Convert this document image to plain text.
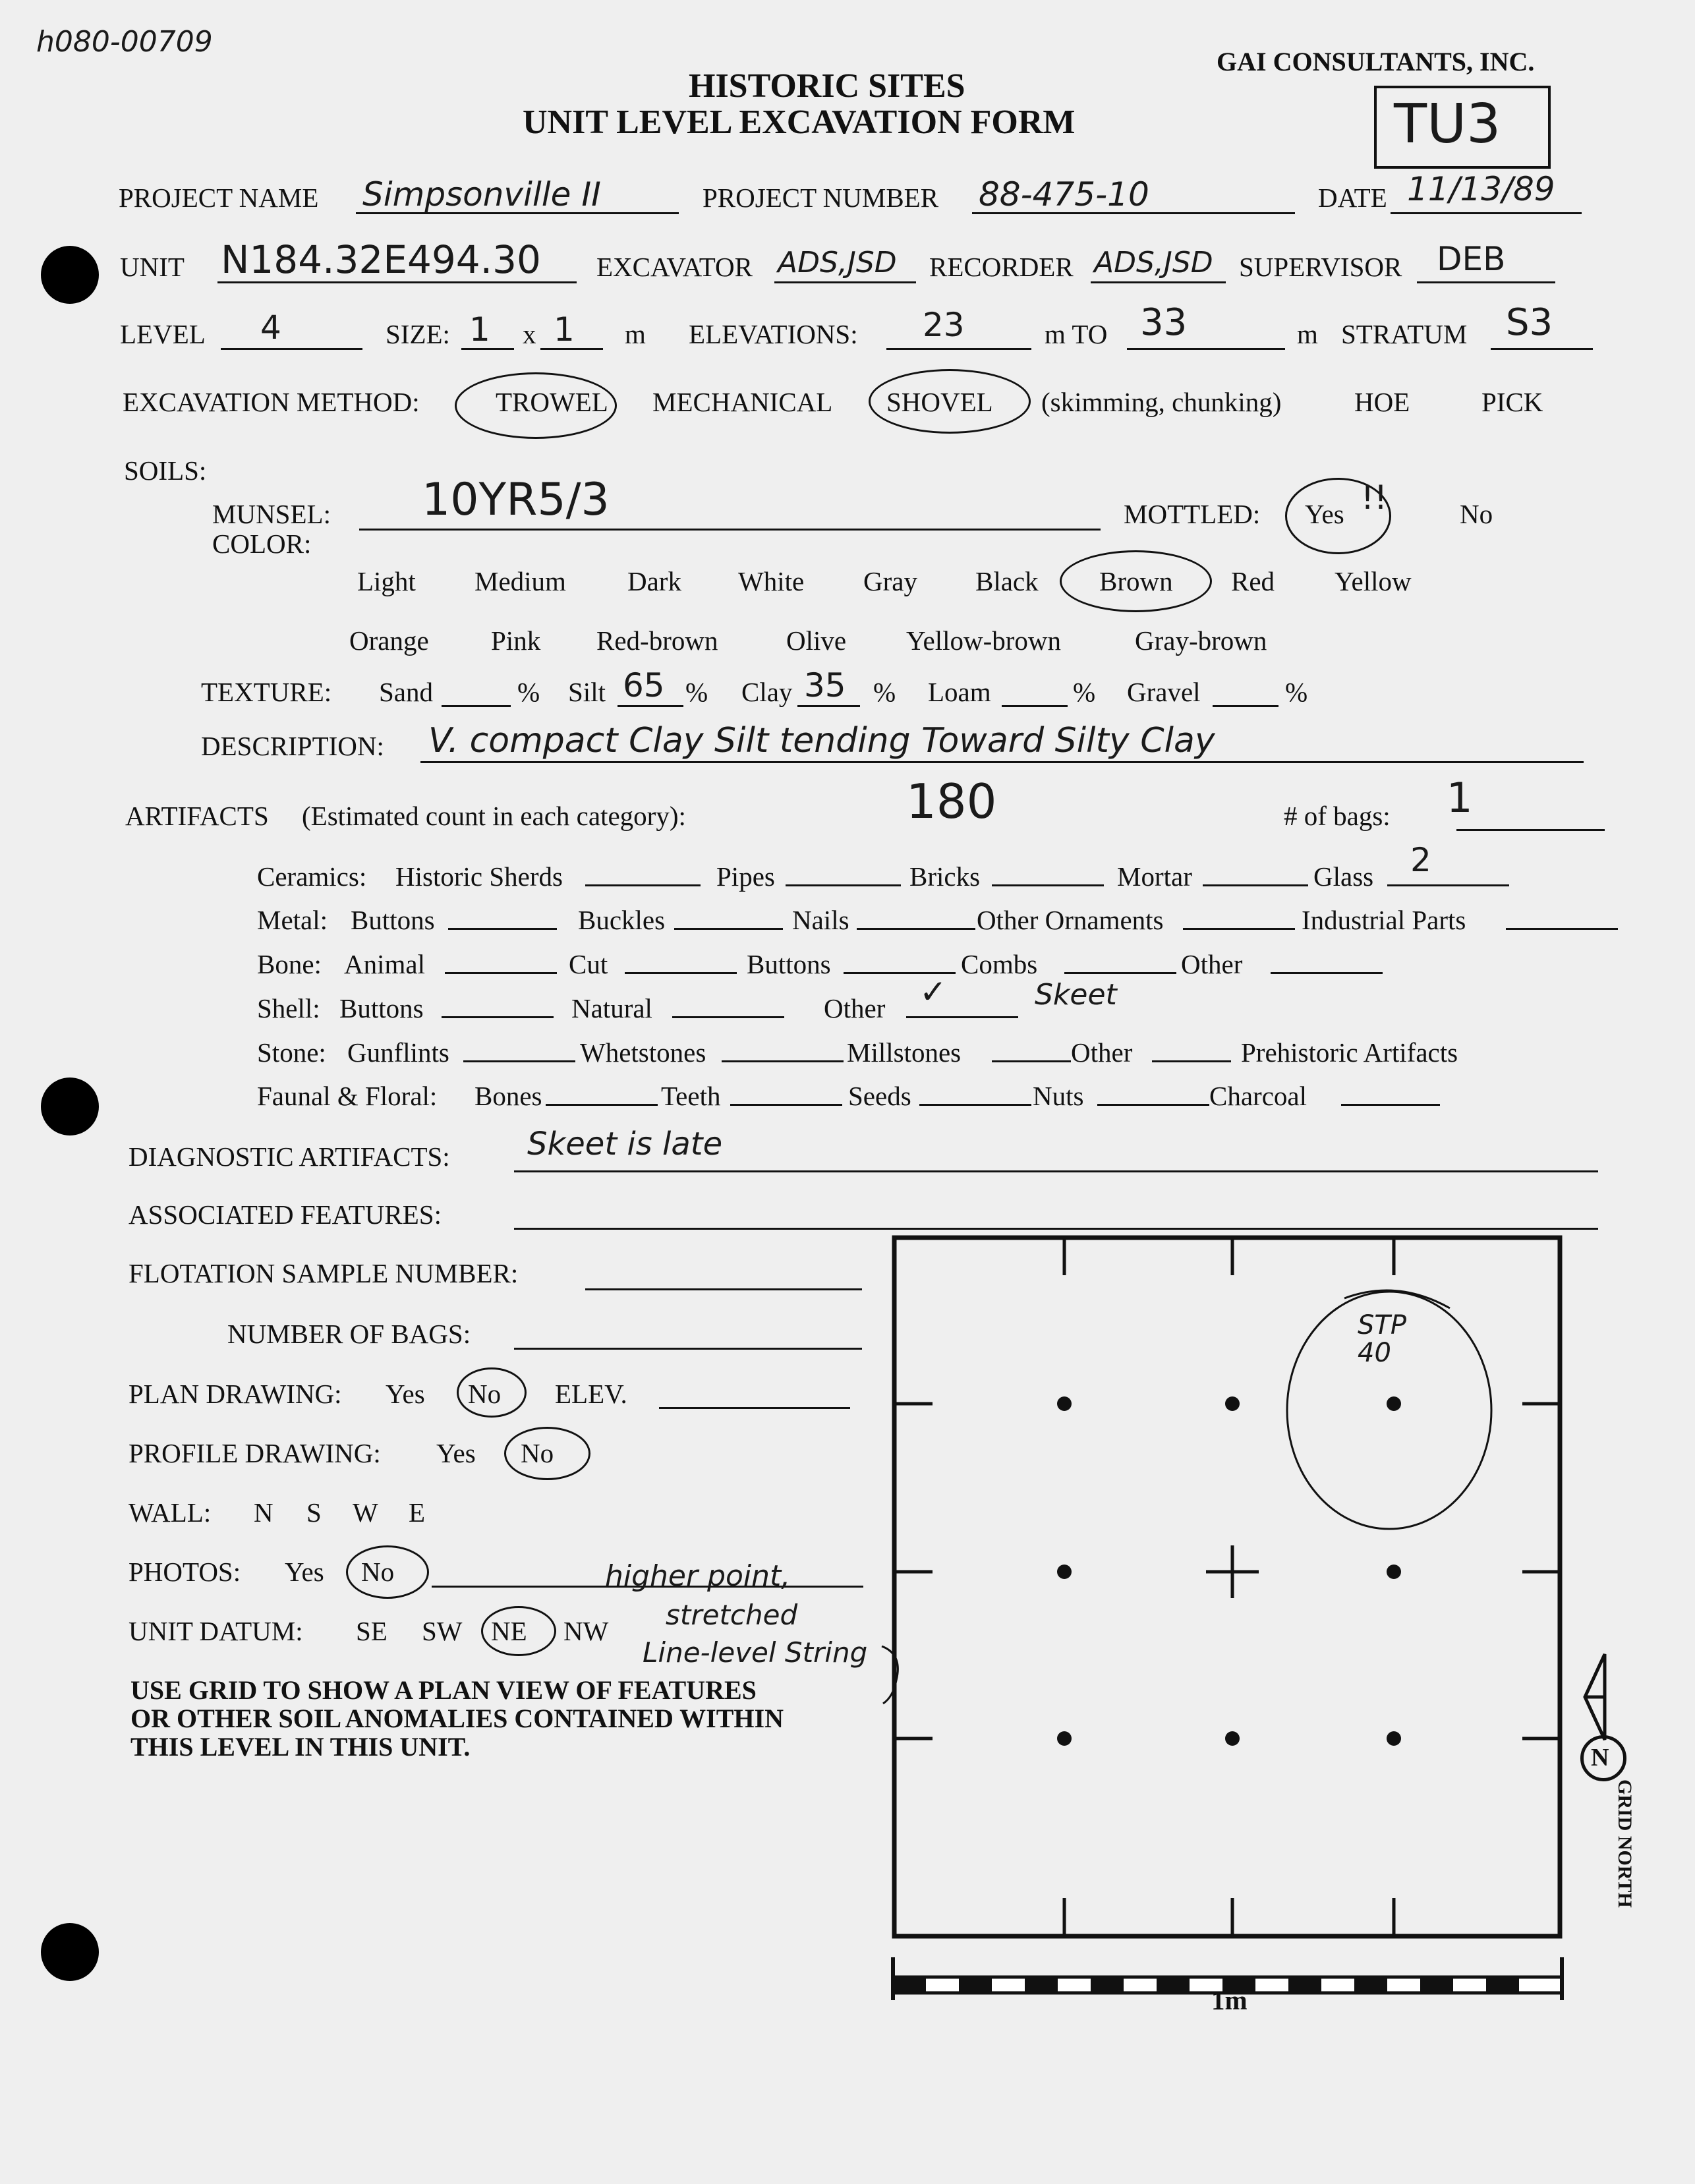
h080-00709
HISTORIC SITES
UNIT LEVEL EXCAVATION FORM
GAI CONSULTANTS, INC.
TU3
PROJECT NAME Simpsonville II	PROJECT NUMBER 88-475-10	DATE 11/13/89
UNIT N184.32E494.30 EXCAVATOR ADS,JSD RECORDER ADS,JSD SUPERVISOR DEB
LEVEL 4	SIZE: 1 x 1 m ELEVATIONS: 23	m TO 33	m STRATUM S3
EXCAVATION METHOD:	TROWEL MECHANICAL SHOVEL (skimming, chunking)	HOE	PICK
SOILS:
MUNSEL:
COLOR:
10YR5/3	MOTTLED: Yes !!	No
Light Medium Dark White Gray Black Brown Red Yellow
Orange Pink Red-brown	Olive Yellow-brown	Gray-brown
TEXTURE: Sand	% Silt 65 % Clay 35 % Loam	% Gravel	%
DESCRIPTION: V. compact Clay Silt tending Toward Silty Clay
ARTIFACTS (Estimated count in each category):	180	# of bags: 1
Ceramics: Historic Sherds	Pipes	Bricks	Mortar	Glass 2
Metal: Buttons	Buckles	Nails	Other Ornaments	Industrial Parts
Bone: Animal	Cut	Buttons	Combs	Other
Shell: Buttons	Natural	Other ✓	Skeet
Stone: Gunflints	Whetstones	Millstones	Other	Prehistoric Artifacts
Faunal & Floral: Bones	Teeth	Seeds	Nuts	Charcoal
DIAGNOSTIC ARTIFACTS: Skeet is late
ASSOCIATED FEATURES:
FLOTATION SAMPLE NUMBER:
NUMBER OF BAGS:
PLAN DRAWING: Yes No ELEV.
PROFILE DRAWING: Yes No
WALL: N S W E
PHOTOS: Yes No
UNIT DATUM: SE SW NE NW
higher point,
stretched
Line-level String
USE GRID TO SHOW A PLAN VIEW OF FEATURES
OR OTHER SOIL ANOMALIES CONTAINED WITHIN
THIS LEVEL IN THIS UNIT.
STP 40
1m
N
GRID NORTH
